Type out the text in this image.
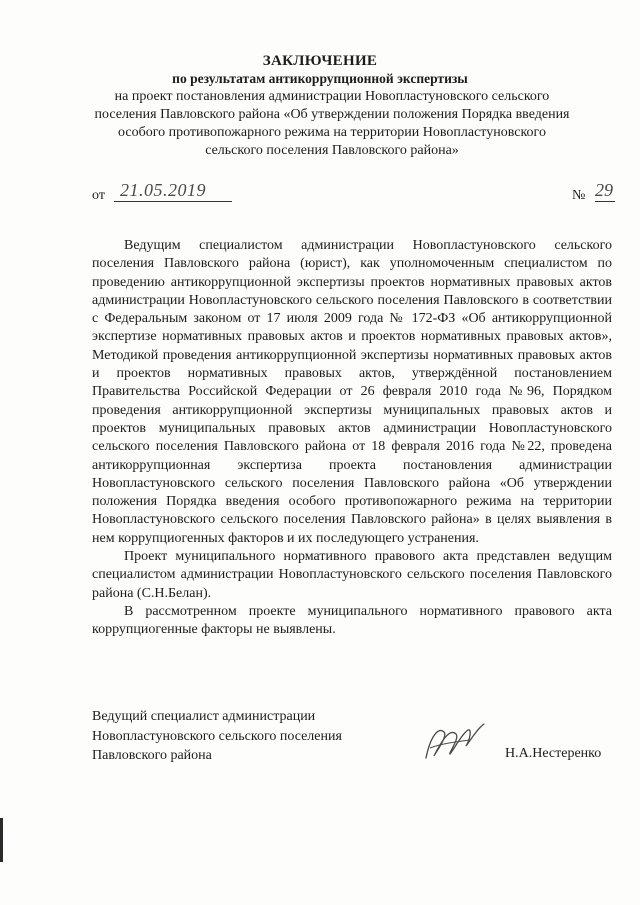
ЗАКЛЮЧЕНИЕ
по результатам антикоррупционной экспертизы
на проект постановления администрации Новопластуновского сельского поселения Павловского района «Об утверждении положения Порядка введения особого противопожарного режима на территории Новопластуновского сельского поселения Павловского района»
от 21.05.2019	№ 29

Ведущим специалистом администрации Новопластуновского сельского поселения Павловского района (юрист), как уполномоченным специалистом по проведению антикоррупционной экспертизы проектов нормативных правовых актов администрации Новопластуновского сельского поселения Павловского в соответствии с Федеральным законом от 17 июля 2009 года № 172-ФЗ «Об антикоррупционной экспертизе нормативных правовых актов и проектов нормативных правовых актов», Методикой проведения антикоррупционной экспертизы нормативных правовых актов и проектов нормативных правовых актов, утверждённой постановлением Правительства Российской Федерации от 26 февраля 2010 года №96, Порядком проведения антикоррупционной экспертизы муниципальных правовых актов и проектов муниципальных правовых актов администрации Новопластуновского сельского поселения Павловского района от 18 февраля 2016 года №22, проведена антикоррупционная экспертиза проекта постановления администрации Новопластуновского сельского поселения Павловского района «Об утверждении положения Порядка введения особого противопожарного режима на территории Новопластуновского сельского поселения Павловского района» в целях выявления в нем коррупциогенных факторов и их последующего устранения.

Проект муниципального нормативного правового акта представлен ведущим специалистом администрации Новопластуновского сельского поселения Павловского района (С.Н.Белан).

В рассмотренном проекте муниципального нормативного правового акта коррупциогенные факторы не выявлены.

Ведущий специалист администрации
Новопластуновского сельского поселения
Павловского района	Н.А.Нестеренко
